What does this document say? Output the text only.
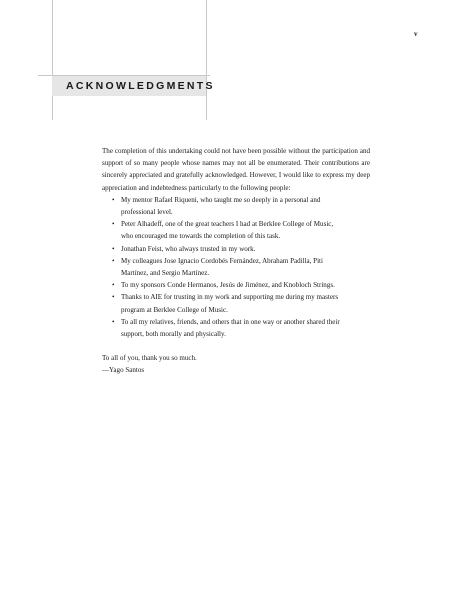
v
ACKNOWLEDGMENTS

The completion of this undertaking could not have been possible without the participation and support of so many people whose names may not all be enumerated. Their contributions are sincerely appreciated and gratefully acknowledged. However, I would like to express my deep appreciation and indebtedness particularly to the following people:

• My mentor Rafael Riqueni, who taught me so deeply in a personal and professional level.
• Peter Alhadeff, one of the great teachers I had at Berklee College of Music, who encouraged me towards the completion of this task.
• Jonathan Feist, who always trusted in my work.
• My colleagues Jose Ignacio Cordobés Fernández, Abraham Padilla, Piti Martínez, and Sergio Martínez.
• To my sponsors Conde Hermanos, Jesús de Jiménez, and Knobloch Strings.
• Thanks to AIE for trusting in my work and supporting me during my masters program at Berklee College of Music.
• To all my relatives, friends, and others that in one way or another shared their support, both morally and physically.

To all of you, thank you so much.

—Yago Santos
